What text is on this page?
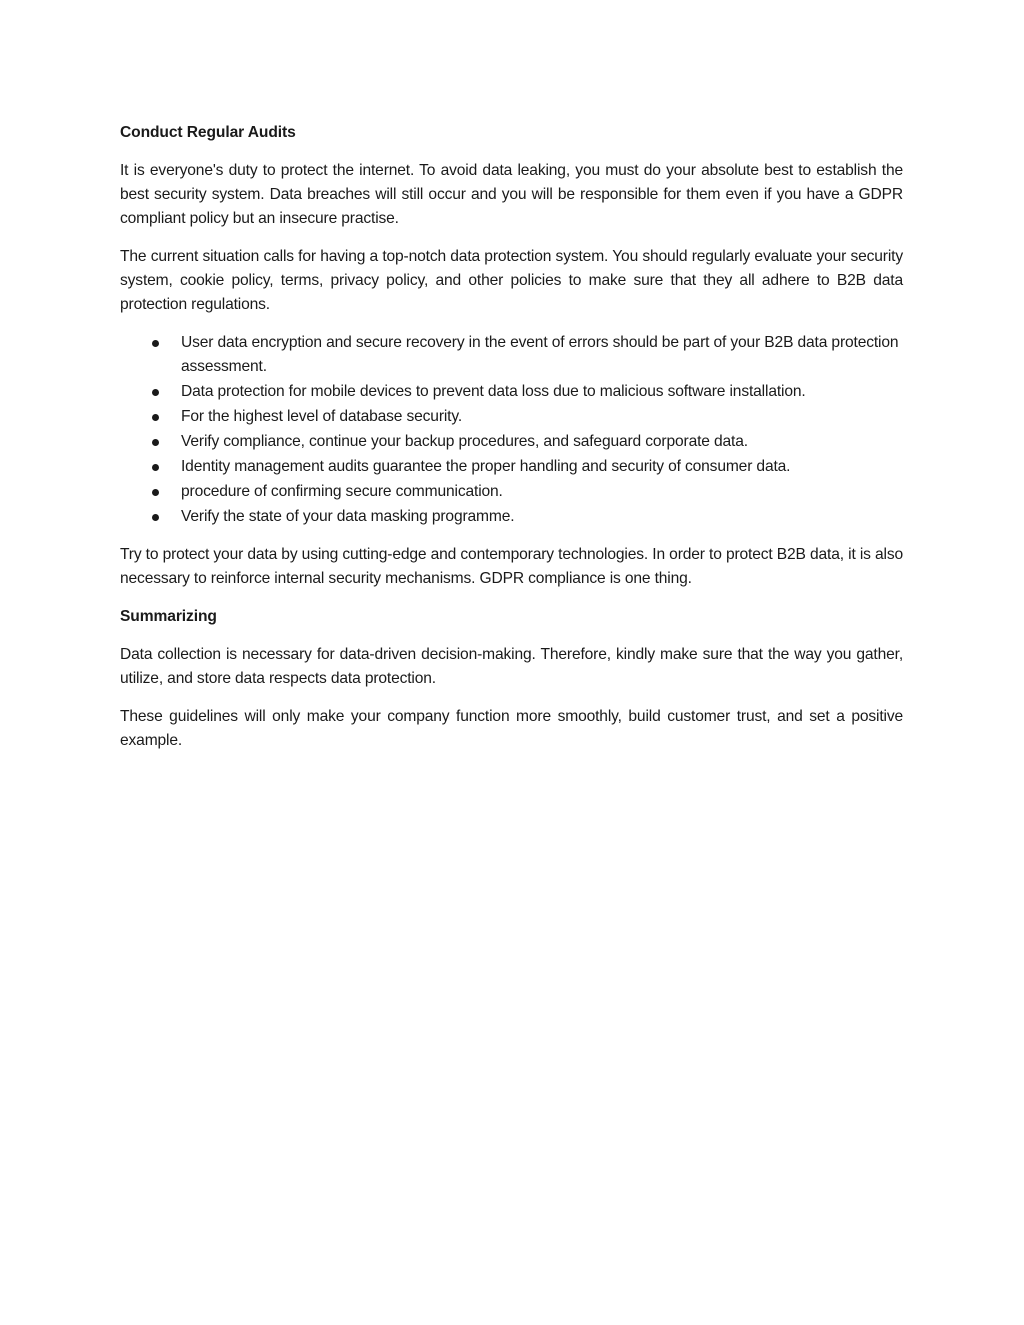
Conduct Regular Audits

It is everyone's duty to protect the internet. To avoid data leaking, you must do your absolute best to establish the best security system. Data breaches will still occur and you will be responsible for them even if you have a GDPR compliant policy but an insecure practise.

The current situation calls for having a top-notch data protection system. You should regularly evaluate your security system, cookie policy, terms, privacy policy, and other policies to make sure that they all adhere to B2B data protection regulations.

User data encryption and secure recovery in the event of errors should be part of your B2B data protection assessment.
Data protection for mobile devices to prevent data loss due to malicious software installation.
For the highest level of database security.
Verify compliance, continue your backup procedures, and safeguard corporate data.
Identity management audits guarantee the proper handling and security of consumer data.
procedure of confirming secure communication.
Verify the state of your data masking programme.

Try to protect your data by using cutting-edge and contemporary technologies. In order to protect B2B data, it is also necessary to reinforce internal security mechanisms. GDPR compliance is one thing.

Summarizing

Data collection is necessary for data-driven decision-making. Therefore, kindly make sure that the way you gather, utilize, and store data respects data protection.

These guidelines will only make your company function more smoothly, build customer trust, and set a positive example.
